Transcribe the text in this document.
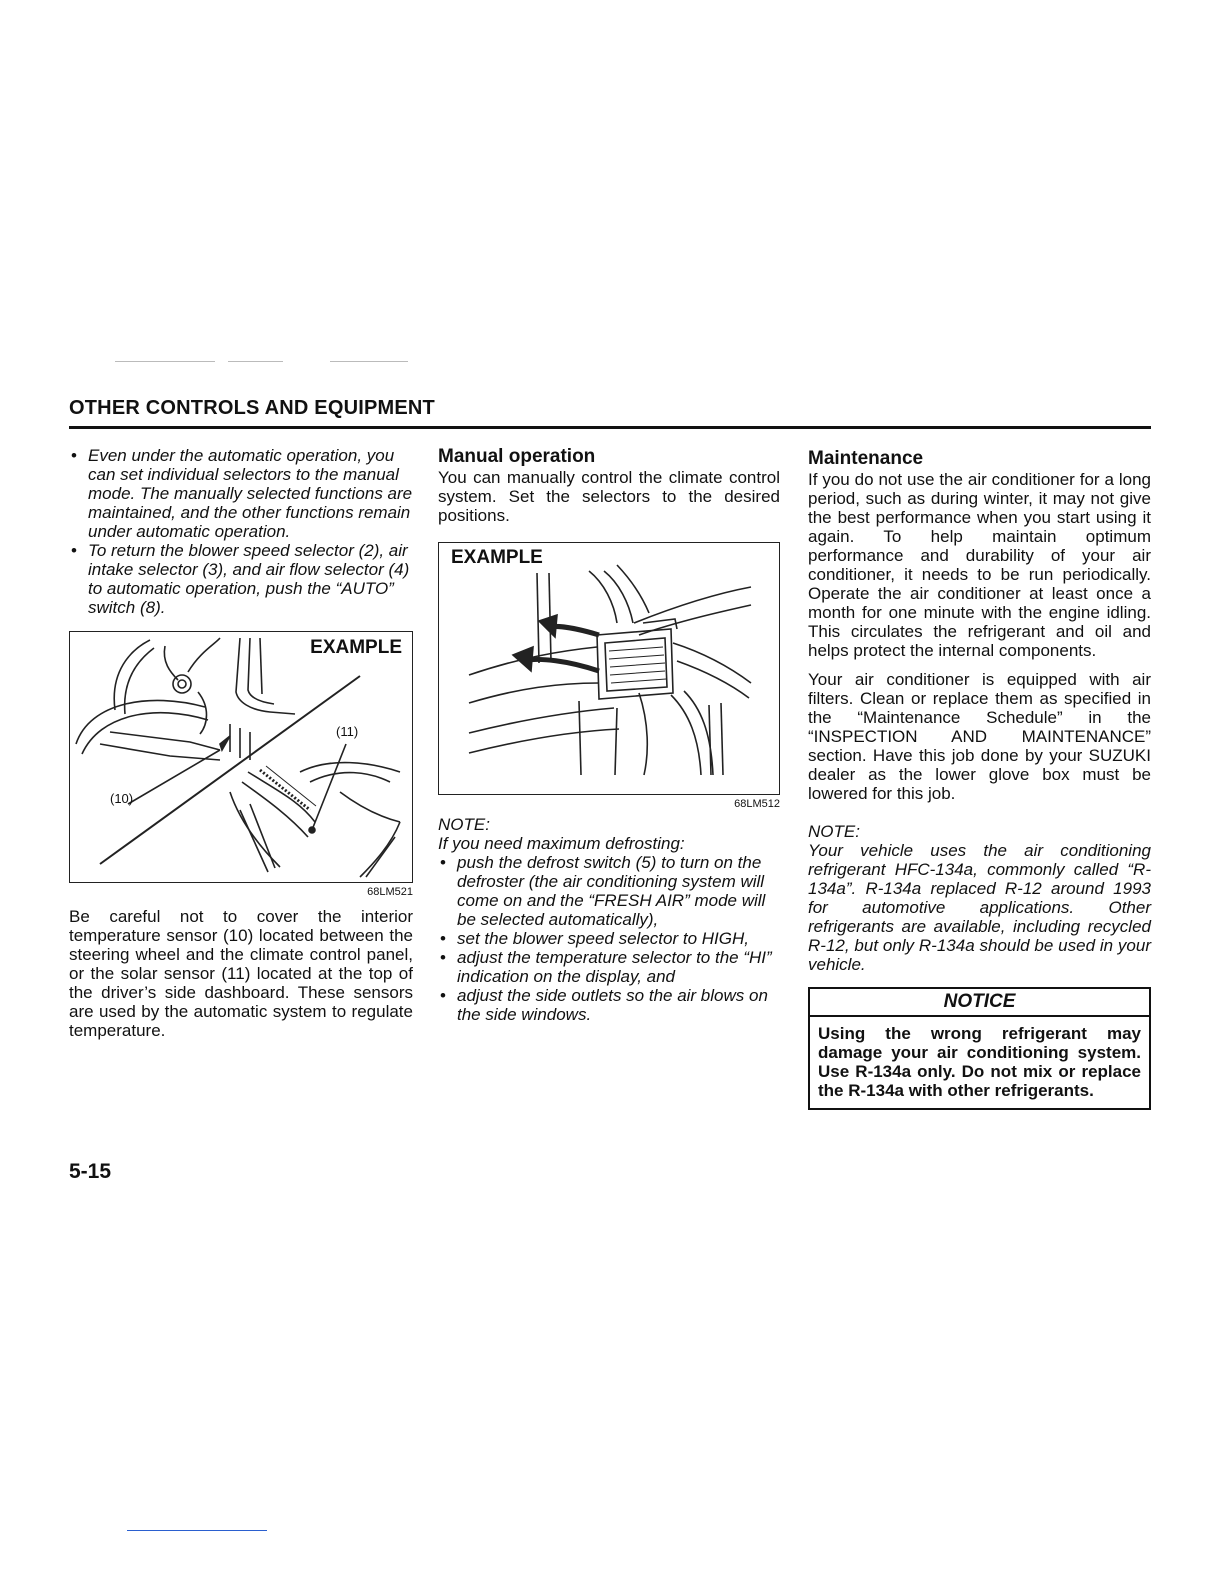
OTHER CONTROLS AND EQUIPMENT
• Even under the automatic operation, you can set individual selectors to the manual mode. The manually selected functions are maintained, and the other functions remain under automatic operation.
• To return the blower speed selector (2), air intake selector (3), and air flow selector (4) to automatic operation, push the “AUTO” switch (8).
EXAMPLE
(11)
(10)
68LM521

Be careful not to cover the interior temperature sensor (10) located between the steering wheel and the climate control panel, or the solar sensor (11) located at the top of the driver’s side dashboard. These sensors are used by the automatic system to regulate temperature.

Manual operation

You can manually control the climate control system. Set the selectors to the desired positions.

EXAMPLE
68LM512

NOTE:

If you need maximum defrosting:

• push the defrost switch (5) to turn on the defroster (the air conditioning system will come on and the “FRESH AIR” mode will be selected automatically),
• set the blower speed selector to HIGH,
• adjust the temperature selector to the “HI” indication on the display, and
• adjust the side outlets so the air blows on the side windows.
Maintenance

If you do not use the air conditioner for a long period, such as during winter, it may not give the best performance when you start using it again. To help maintain optimum performance and durability of your air conditioner, it needs to be run periodically. Operate the air conditioner at least once a month for one minute with the engine idling. This circulates the refrigerant and oil and helps protect the internal components.

Your air conditioner is equipped with air filters. Clean or replace them as specified in the “Maintenance Schedule” in the “INSPECTION AND MAINTENANCE” section. Have this job done by your SUZUKI dealer as the lower glove box must be lowered for this job.

NOTE:

Your vehicle uses the air conditioning refrigerant HFC-134a, commonly called “R-134a”. R-134a replaced R-12 around 1993 for automotive applications. Other refrigerants are available, including recycled R-12, but only R-134a should be used in your vehicle.

NOTICE
Using the wrong refrigerant may damage your air conditioning system. Use R-134a only. Do not mix or replace the R-134a with other refrigerants.
5-15
